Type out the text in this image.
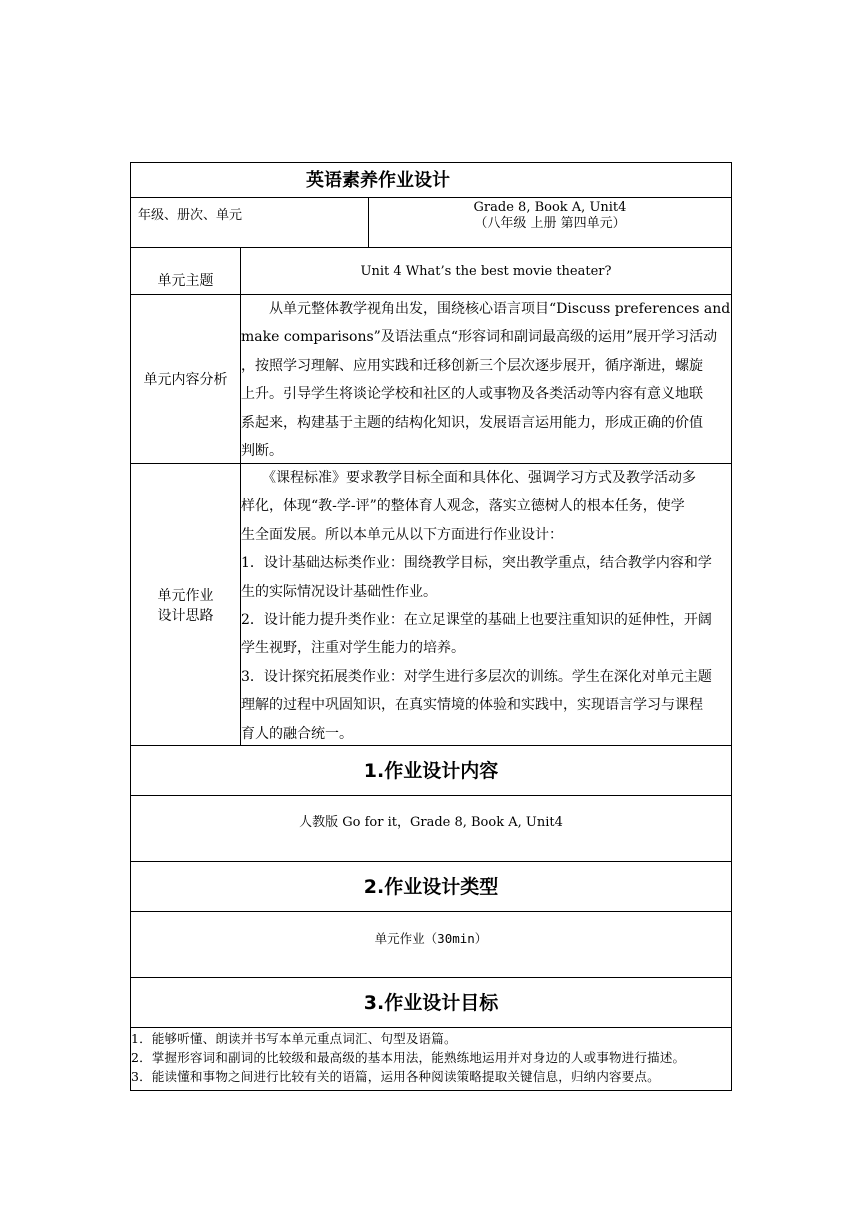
英语素养作业设计
年级、册次、单元
Grade 8, Book A, Unit4
（八年级 上册 第四单元）
单元主题
Unit 4 What’s the best movie theater?
单元内容分析
　　从单元整体教学视角出发，围绕核心语言项目“Discuss preferences and
make comparisons”及语法重点“形容词和副词最高级的运用”展开学习活动
，按照学习理解、应用实践和迁移创新三个层次逐步展开，循序渐进，螺旋
上升。引导学生将谈论学校和社区的人或事物及各类活动等内容有意义地联
系起来，构建基于主题的结构化知识，发展语言运用能力，形成正确的价值
判断。
单元作业
设计思路
　　《课程标准》要求教学目标全面和具体化、强调学习方式及教学活动多
样化，体现“教-学-评”的整体育人观念，落实立德树人的根本任务，使学
生全面发展。所以本单元从以下方面进行作业设计：
1．设计基础达标类作业：围绕教学目标，突出教学重点，结合教学内容和学
生的实际情况设计基础性作业。
2．设计能力提升类作业：在立足课堂的基础上也要注重知识的延伸性，开阔
学生视野，注重对学生能力的培养。
3．设计探究拓展类作业：对学生进行多层次的训练。学生在深化对单元主题
理解的过程中巩固知识，在真实情境的体验和实践中，实现语言学习与课程
育人的融合统一。
1.作业设计内容
人教版 Go for it，Grade 8, Book A, Unit4
2.作业设计类型
单元作业（30min）
3.作业设计目标
1．能够听懂、朗读并书写本单元重点词汇、句型及语篇。
2．掌握形容词和副词的比较级和最高级的基本用法，能熟练地运用并对身边的人或事物进行描述。
3．能读懂和事物之间进行比较有关的语篇，运用各种阅读策略提取关键信息，归纳内容要点。
